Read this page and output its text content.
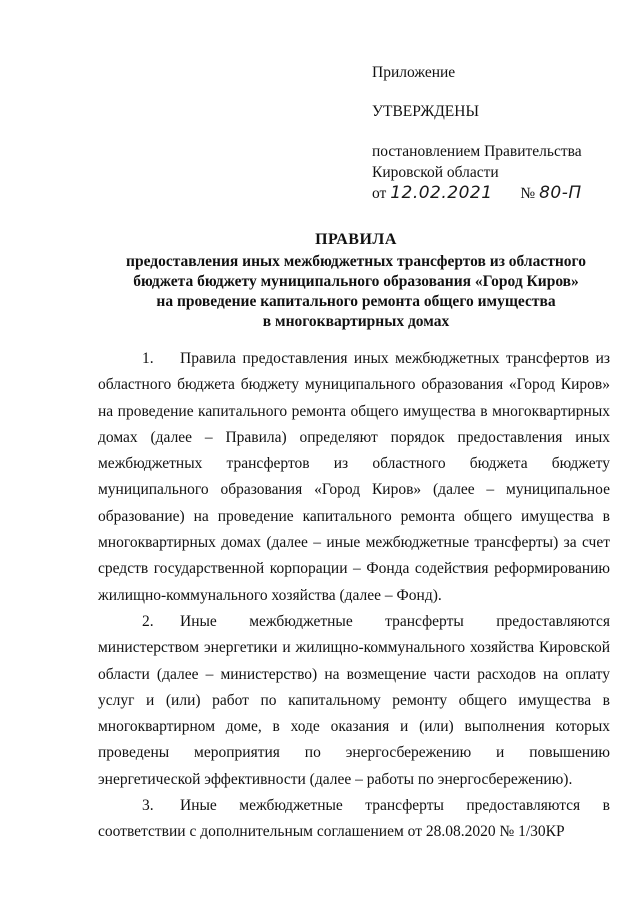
Приложение
УТВЕРЖДЕНЫ
постановлением Правительства
Кировской области
от 12.02.2021 № 80-П
ПРАВИЛА
предоставления иных межбюджетных трансфертов из областного
бюджета бюджету муниципального образования «Город Киров»
на проведение капитального ремонта общего имущества
в многоквартирных домах

1. Правила предоставления иных межбюджетных трансфертов из областного бюджета бюджету муниципального образования «Город Киров» на проведение капитального ремонта общего имущества в многоквартирных домах (далее – Правила) определяют порядок предоставления иных межбюджетных трансфертов из областного бюджета бюджету муниципального образования «Город Киров» (далее – муниципальное образование) на проведение капитального ремонта общего имущества в многоквартирных домах (далее – иные межбюджетные трансферты) за счет средств государственной корпорации – Фонда содействия реформированию жилищно-коммунального хозяйства (далее – Фонд).

2. Иные межбюджетные трансферты предоставляются министерством энергетики и жилищно-коммунального хозяйства Кировской области (далее – министерство) на возмещение части расходов на оплату услуг и (или) работ по капитальному ремонту общего имущества в многоквартирном доме, в ходе оказания и (или) выполнения которых проведены мероприятия по энергосбережению и повышению энергетической эффективности (далее – работы по энергосбережению).

3. Иные межбюджетные трансферты предоставляются в соответствии с дополнительным соглашением от 28.08.2020 № 1/30КР
